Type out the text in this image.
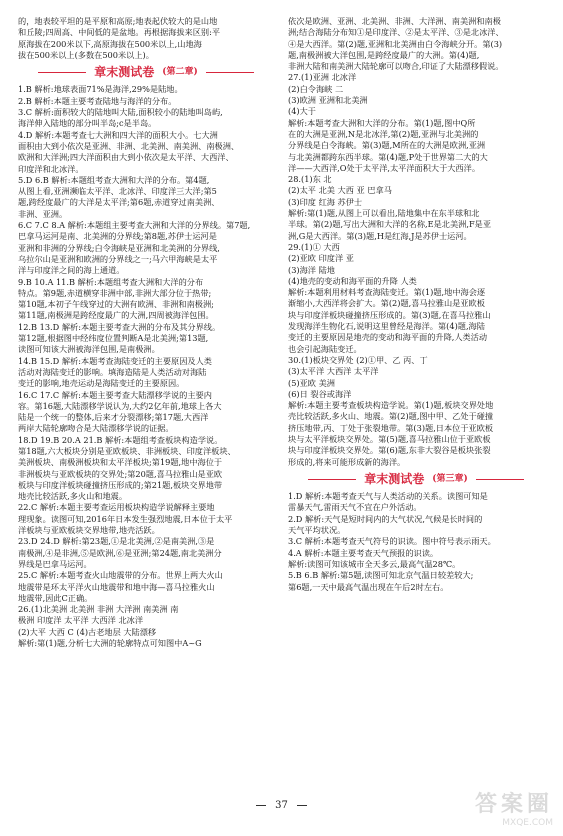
的，地表较平坦的是平原和高原;地表起伏较大的是山地
和丘陵;四周高、中间低的是盆地。再根据海拔来区别:平
原海拔在200米以下,高原海拔在500米以上,山地海
拔在500米以上(多数在500米以上)。
章末测试卷 (第二章)
1.B 解析:地球表面71%是海洋,29%是陆地。
2.B 解析:本题主要考查陆地与海洋的分布。
3.C 解析:面积较大的陆地叫大陆,面积较小的陆地叫岛屿,
海洋伸入陆地的部分叫半岛;c是半岛。
4.D 解析:本题考查七大洲和四大洋的面积大小。七大洲
面积由大到小依次是亚洲、非洲、北美洲、南美洲、南极洲、
欧洲和大洋洲;四大洋面积由大到小依次是太平洋、大西洋、
印度洋和北冰洋。
5.D 6.B 解析:本题组考查大洲和大洋的分布。第4题,
从图上看,亚洲濒临太平洋、北冰洋、印度洋三大洋;第5
题,跨经度最广的大洋是太平洋;第6题,赤道穿过南美洲、
非洲、亚洲。
6.C 7.C 8.A 解析:本题组主要考查大洲和大洋的分界线。第7题,
巴拿马运河是南、北美洲的分界线;第8题,苏伊士运河是
亚洲和非洲的分界线;白令海峡是亚洲和北美洲的分界线,
乌拉尔山是亚洲和欧洲的分界线之一;马六甲海峡是太平
洋与印度洋之间的海上通道。
9.B 10.A 11.B 解析:本题组考查大洲和大洋的分布
特点。第9题,赤道横穿非洲中部,非洲大部分位于热带;
第10题,本初子午线穿过的大洲有欧洲、非洲和南极洲;
第11题,南极洲是跨经度最广的大洲,四周被海洋包围。
12.B 13.D 解析:本题主要考查大洲的分布及其分界线。
第12题,根据图中经纬度位置判断A是北美洲;第13题,
读图可知该大洲被海洋包围,是南极洲。
14.B 15.D 解析:本题考查海陆变迁的主要原因及人类
活动对海陆变迁的影响。填海造陆是人类活动对海陆
变迁的影响,地壳运动是海陆变迁的主要原因。
16.C 17.C 解析:本题主要考查大陆漂移学说的主要内
容。第16题,大陆漂移学说认为,大约2亿年前,地球上各大
陆是一个统一的整体,后来才分裂漂移;第17题,大西洋
两岸大陆轮廓吻合是大陆漂移学说的证据。
18.D 19.B 20.A 21.B 解析:本题组考查板块构造学说。
第18题,六大板块分别是亚欧板块、非洲板块、印度洋板块、
美洲板块、南极洲板块和太平洋板块;第19题,地中海位于
非洲板块与亚欧板块的交界处;第20题,喜马拉雅山是亚欧
板块与印度洋板块碰撞挤压形成的;第21题,板块交界地带
地壳比较活跃,多火山和地震。
22.C 解析:本题主要考查运用板块构造学说解释主要地
理现象。读图可知,2016年日本发生强烈地震,日本位于太平
洋板块与亚欧板块交界地带,地壳活跃。
23.D 24.D 解析:第23题,①是北美洲,②是南美洲,③是
南极洲,④是非洲,⑤是欧洲,⑥是亚洲;第24题,南北美洲分
界线是巴拿马运河。
25.C 解析:本题考查火山地震带的分布。世界上两大火山
地震带是环太平洋火山地震带和地中海—喜马拉雅火山
地震带,因此C正确。
26.(1)北美洲 北美洲 非洲 大洋洲 南美洲 南
极洲 印度洋 太平洋 大西洋 北冰洋
(2)大平 大西 C (4)古老地层 大陆漂移
解析:第(1)题,分析七大洲的轮廓特点可知图中A~G
依次是欧洲、亚洲、北美洲、非洲、大洋洲、南美洲和南极
洲;结合海陆分布知①是印度洋、②是太平洋、③是北冰洋、
④是大西洋。第(2)题,亚洲和北美洲由白令海峡分开。第(3)
题,南极洲被大洋包围,是跨经度最广的大洲。第(4)题,
非洲大陆和南美洲大陆轮廓可以吻合,印证了大陆漂移假说。
27.(1)亚洲 北冰洋
(2)白令海峡 二
(3)欧洲 亚洲和北美洲
(4)大于
解析:本题考查大洲和大洋的分布。第(1)题,图中Q所
在的大洲是亚洲,N是北冰洋,第(2)题,亚洲与北美洲的
分界线是白令海峡。第(3)题,M所在的大洲是欧洲,亚洲
与北美洲都跨东西半球。第(4)题,P处于世界第二大的大
洋——大西洋,O处于太平洋,太平洋面积大于大西洋。
28.(1)东 北
(2)太平 北美 大西 亚 巴拿马
(3)印度 红海 苏伊士
解析:第(1)题,从图上可以看出,陆地集中在东半球和北
半球。第(2)题,写出大洲和大洋的名称,E是北美洲,F是亚
洲,G是大西洋。第(3)题,H是红海,J是苏伊士运河。
29.(1)① 大西
(2)亚欧 印度洋 亚
(3)海洋 陆地
(4)地壳的变动和海平面的升降 人类
解析:本题利用材料考查海陆变迁。第(1)题,地中海会逐
渐缩小,大西洋将会扩大。第(2)题,喜马拉雅山是亚欧板
块与印度洋板块碰撞挤压形成的。第(3)题,在喜马拉雅山
发现海洋生物化石,说明这里曾经是海洋。第(4)题,海陆
变迁的主要原因是地壳的变动和海平面的升降,人类活动
也会引起海陆变迁。
30.(1)板块交界处 (2)①甲、乙 丙、丁
(3)太平洋 大西洋 太平洋
(5)亚欧 美洲
(6)日 裂谷或海洋
解析:本题主要考查板块构造学说。第(1)题,板块交界处地
壳比较活跃,多火山、地震。第(2)题,图中甲、乙处于碰撞
挤压地带,丙、丁处于张裂地带。第(3)题,日本位于亚欧板
块与太平洋板块交界处。第(5)题,喜马拉雅山位于亚欧板
块与印度洋板块交界处。第(6)题,东非大裂谷是板块张裂
形成的,将来可能形成新的海洋。
章末测试卷 (第三章)
1.D 解析:本题考查天气与人类活动的关系。读图可知是
雷暴天气,雷雨天气不宜在户外活动。
2.D 解析:天气是短时间内的大气状况,气候是长时间的
天气平均状况。
3.C 解析:本题考查天气符号的识读。图中符号表示雨天。
4.A 解析:本题主要考查天气预报的识读。
解析:读图可知该城市全天多云,最高气温28℃。
5.B 6.B 解析:第5题,读图可知北京气温日较差较大;
第6题,一天中最高气温出现在午后2时左右。
37	答案圈
MXQE.COM
